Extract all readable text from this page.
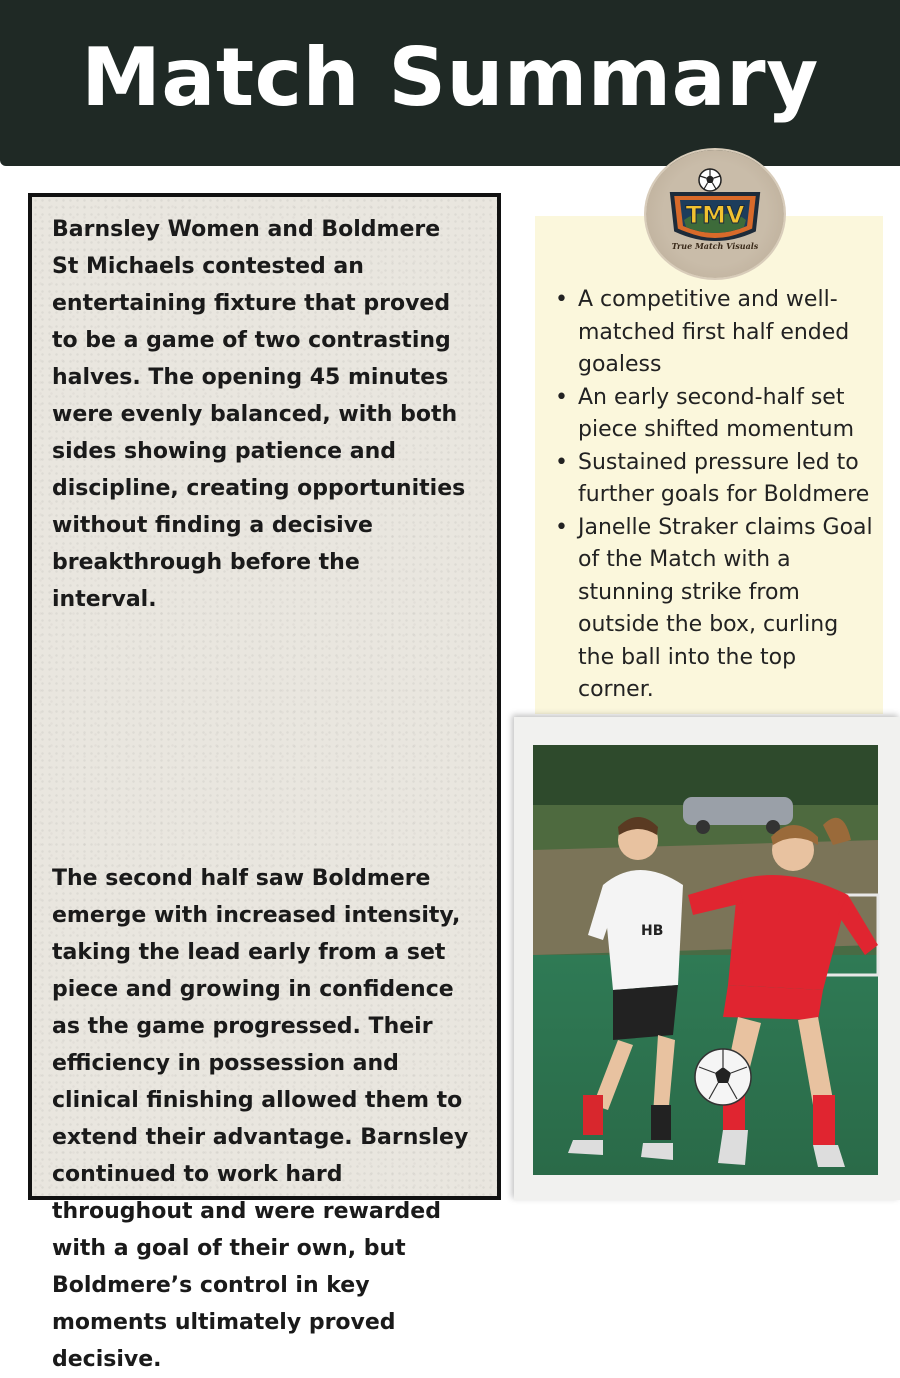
Match Summary

Barnsley Women and Boldmere
St Michaels contested an
entertaining fixture that proved
to be a game of two contrasting
halves. The opening 45 minutes
were evenly balanced, with both
sides showing patience and
discipline, creating opportunities
without finding a decisive
breakthrough before the
interval.

The second half saw Boldmere
emerge with increased intensity,
taking the lead early from a set
piece and growing in confidence
as the game progressed. Their
efficiency in possession and
clinical finishing allowed them to
extend their advantage. Barnsley
continued to work hard
throughout and were rewarded
with a goal of their own, but
Boldmere’s control in key
moments ultimately proved
decisive.

• A competitive and well-matched first half ended goaless
• An early second-half set piece shifted momentum
• Sustained pressure led to further goals for Boldmere
• Janelle Straker claims Goal of the Match with a stunning strike from outside the box, curling the ball into the top corner.
TMV
True Match Visuals
HB
